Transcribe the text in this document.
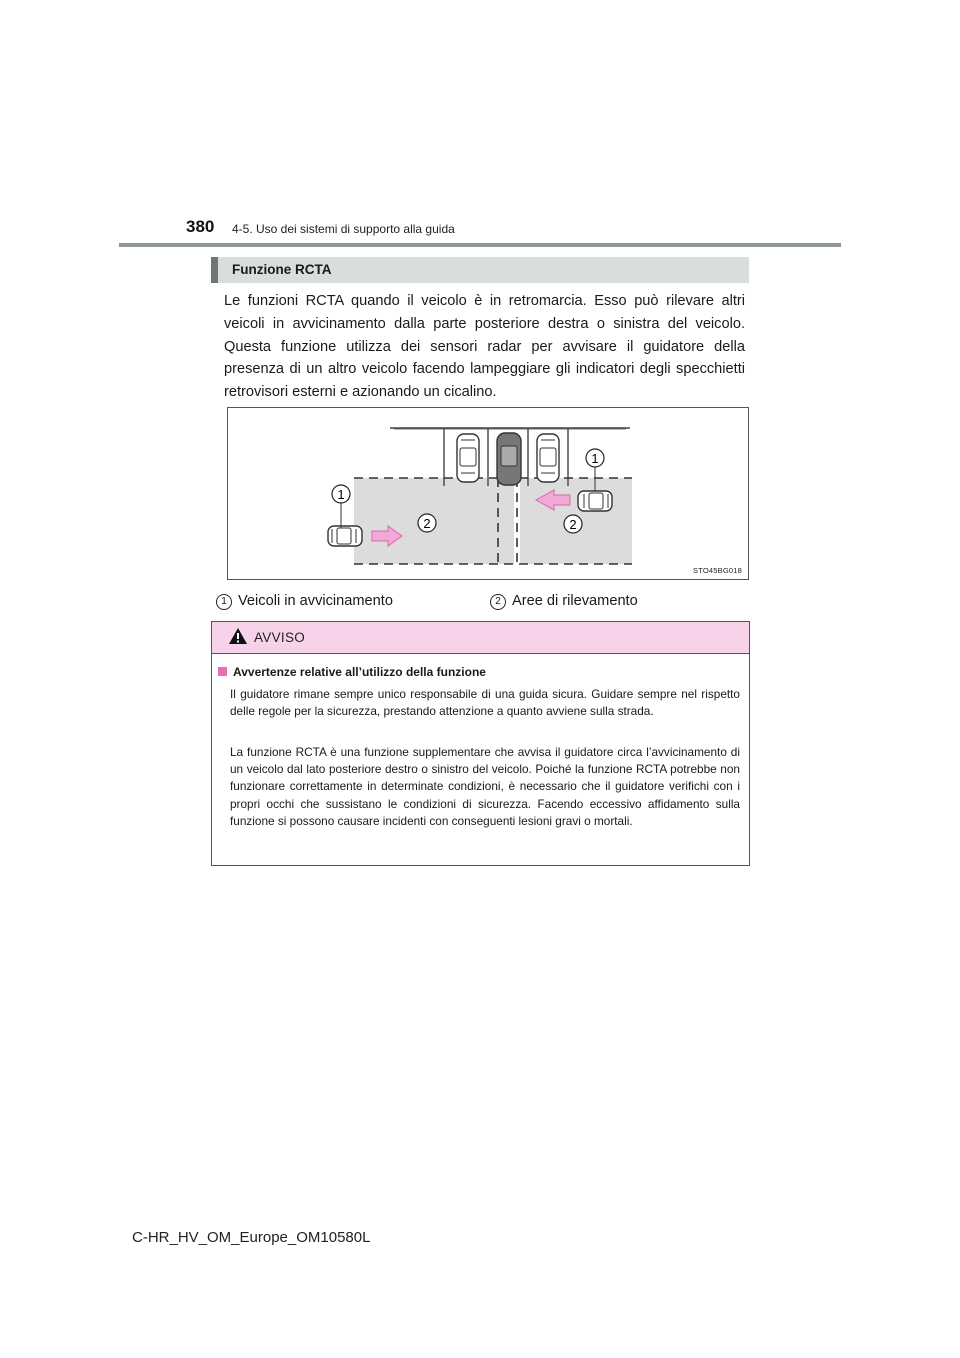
380 4-5. Uso dei sistemi di supporto alla guida
Funzione RCTA

Le funzioni RCTA quando il veicolo è in retromarcia. Esso può rilevare altri veicoli in avvicinamento dalla parte posteriore destra o sinistra del veicolo. Questa funzione utilizza dei sensori radar per avvisare il guidatore della presenza di un altro veicolo facendo lampeggiare gli indicatori degli specchietti retrovisori esterni e azionando un cicalino.

1
1
2	2
STO45BG018
1 Veicoli in avvicinamento	2 Aree di rilevamento
AVVISO
Avvertenze relative all’utilizzo della funzione

Il guidatore rimane sempre unico responsabile di una guida sicura. Guidare sempre nel rispetto delle regole per la sicurezza, prestando attenzione a quanto avviene sulla strada.

La funzione RCTA è una funzione supplementare che avvisa il guidatore circa l’avvicinamento di un veicolo dal lato posteriore destro o sinistro del veicolo. Poiché la funzione RCTA potrebbe non funzionare correttamente in determinate condizioni, è necessario che il guidatore verifichi con i propri occhi che sussistano le condizioni di sicurezza. Facendo eccessivo affidamento sulla funzione si possono causare incidenti con conseguenti lesioni gravi o mortali.

C-HR_HV_OM_Europe_OM10580L
